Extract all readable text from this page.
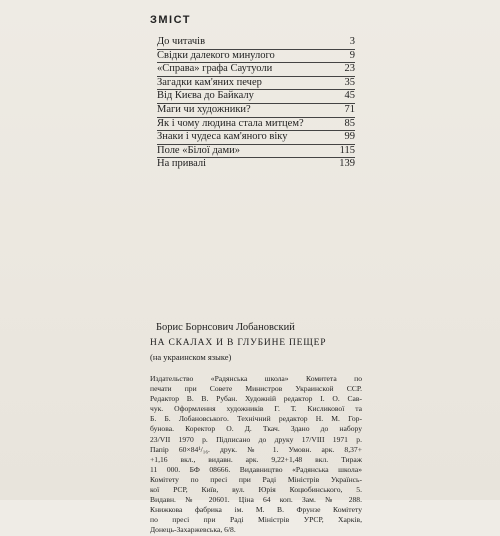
ЗМІСТ
До читачів	3
Свідки далекого минулого	9
«Справа» графа Саутуоли	23
Загадки кам'яних печер	35
Від Києва до Байкалу	45
Маги чи художники?	71
Як і чому людина стала митцем?	85
Знаки і чудеса кам'яного віку	99
Поле «Білої дами»	115
На привалі	139
Борис Борнсович Лобановский
НА СКАЛАХ И В ГЛУБИНЕ ПЕЩЕР
(на украинском языке)
Издательство «Радянська школа» Комитета по
печати при Совете Министров Украинской ССР.
Редактор В. В. Рубан. Художній редактор І. О. Сав-
чук. Оформлення художників Г. Т. Кисликової та
Б. Б. Лобановського. Технічний редактор Н. М. Гор-
бунова. Коректор О. Д. Ткач. Здано до набору
23/VII 1970 р. Підписано до друку 17/VIII 1971 р.
Папір 60×84¹/₁₆. друк. № 1. Умовн. арк. 8,37+
+1,16 вкл., видавн. арк. 9,22+1,48 вкл. Тираж
11 000. БФ 08666. Видавництво «Радянська школа»
Комітету по пресі при Раді Міністрів Українсь-
кої РСР, Київ, вул. Юрія Коцюбинського, 5.
Видавн. № 20601. Ціна 64 коп. Зам. № 288.
Книжкова фабрика ім. М. В. Фрунзе Комітету
по пресі при Раді Міністрів УРСР, Харків,
Донець-Захаржевська, 6/8.
